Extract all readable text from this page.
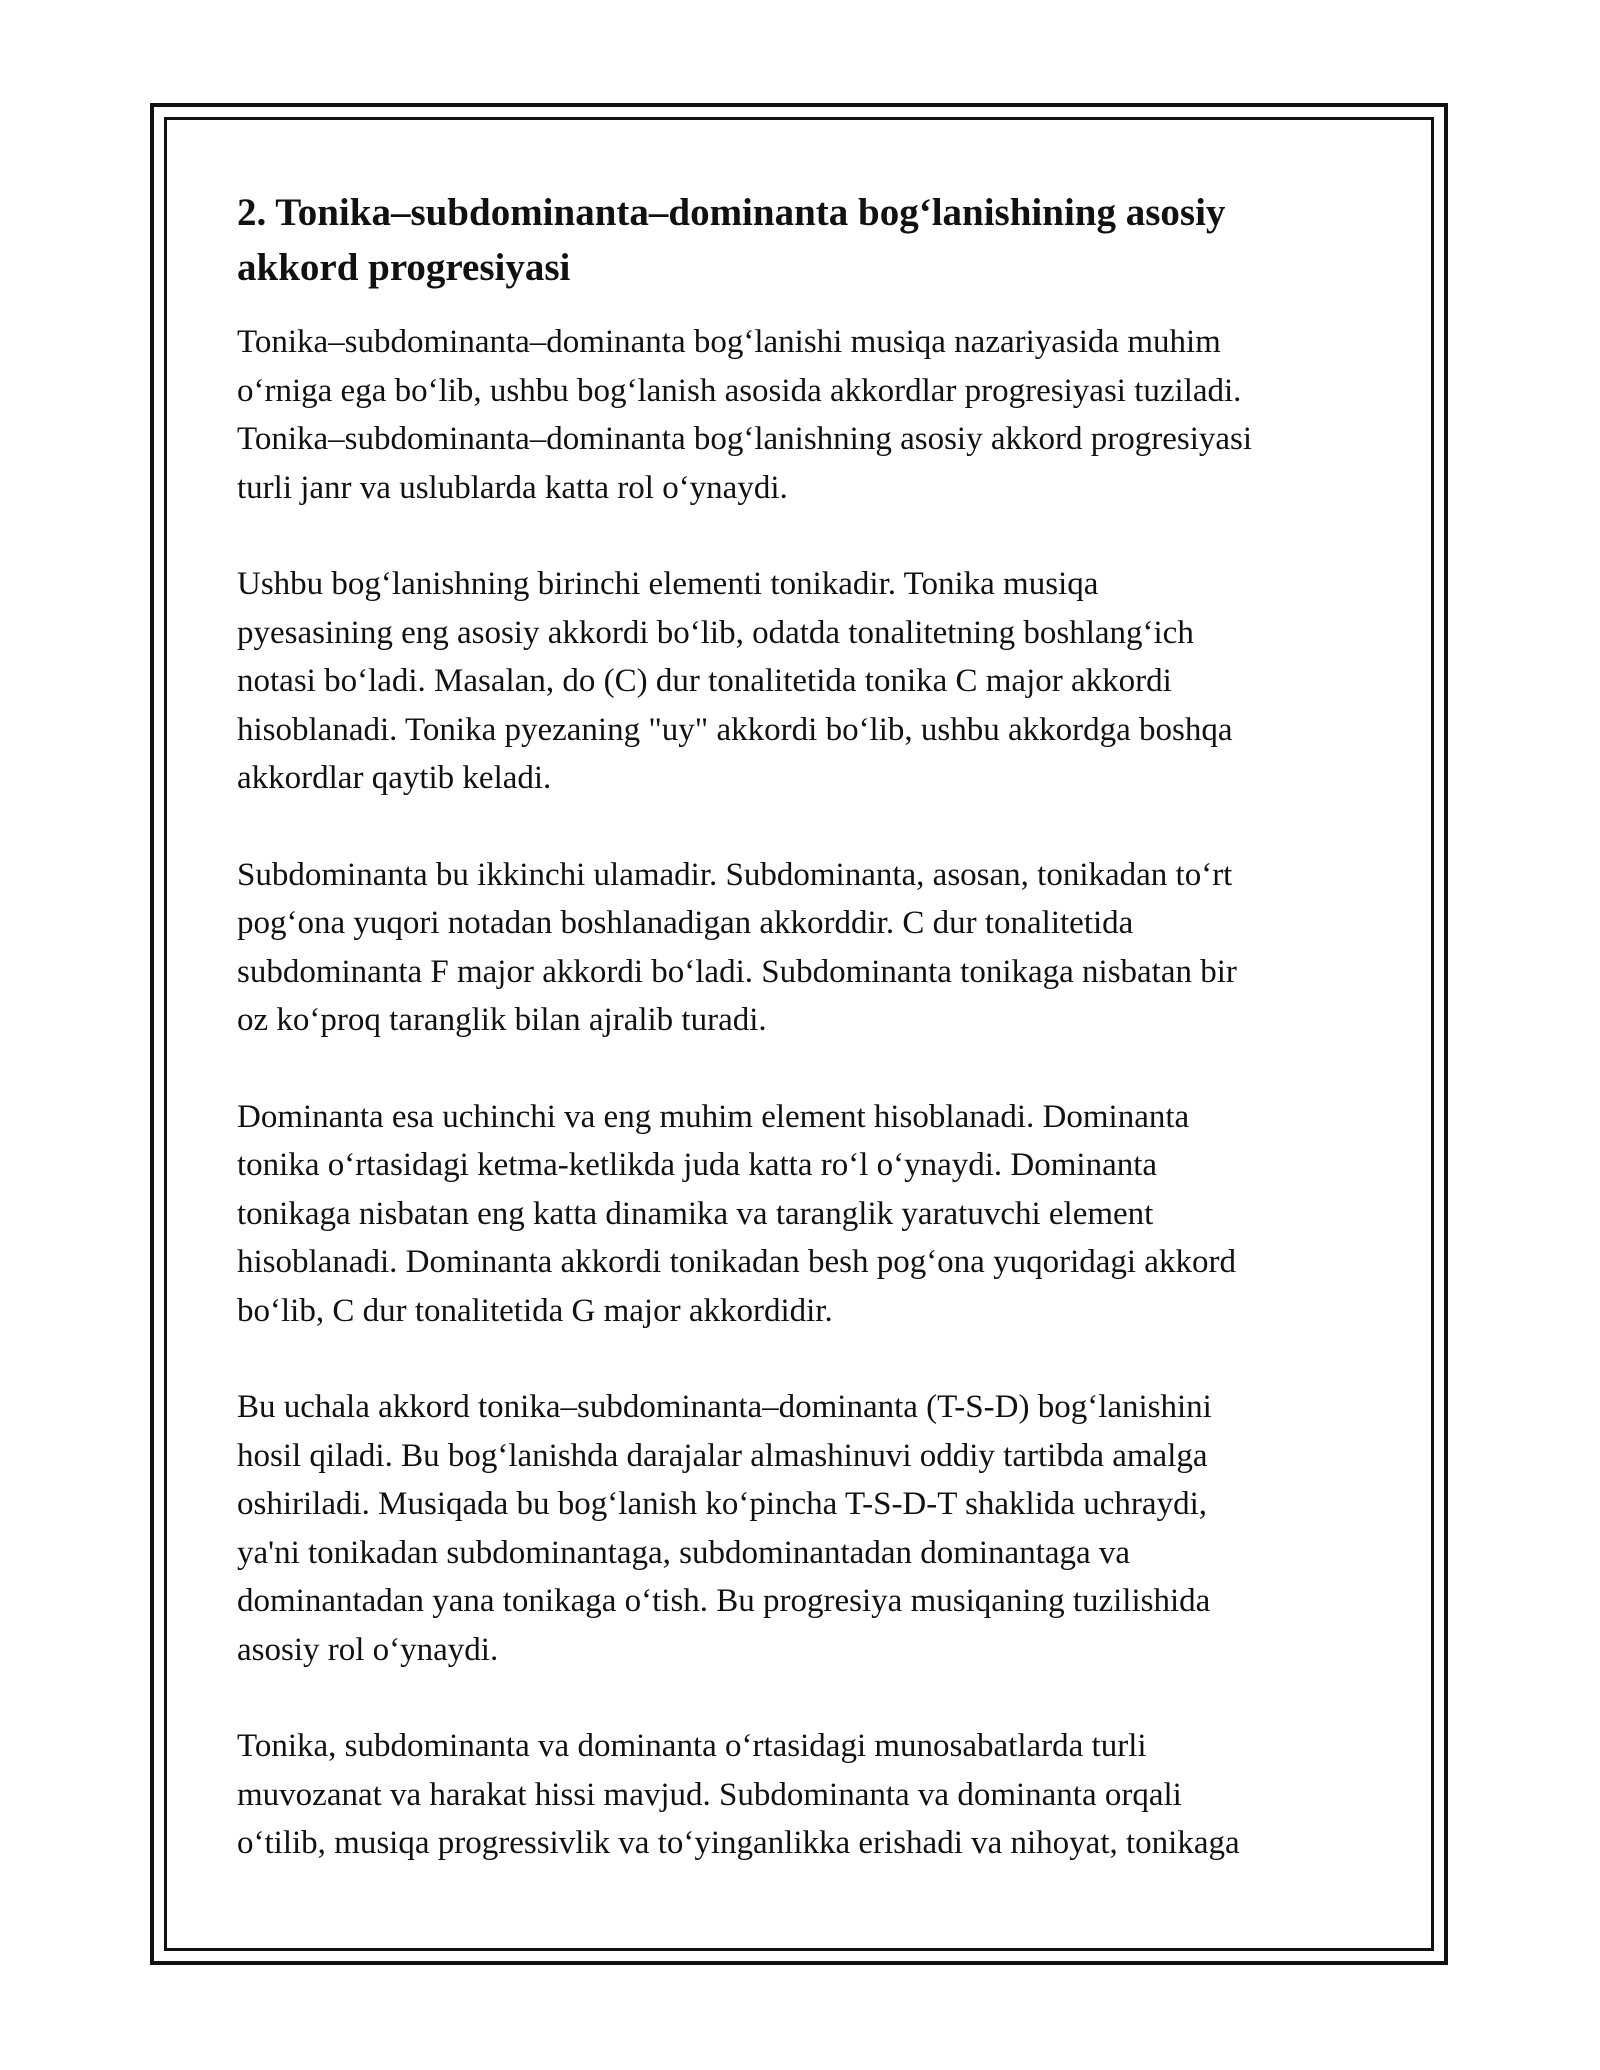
2. Tonika–subdominanta–dominanta bog‘lanishining asosiy
akkord progresiyasi

Tonika–subdominanta–dominanta bog‘lanishi musiqa nazariyasida muhim
o‘rniga ega bo‘lib, ushbu bog‘lanish asosida akkordlar progresiyasi tuziladi.
Tonika–subdominanta–dominanta bog‘lanishning asosiy akkord progresiyasi
turli janr va uslublarda katta rol o‘ynaydi.

Ushbu bog‘lanishning birinchi elementi tonikadir. Tonika musiqa
pyesasining eng asosiy akkordi bo‘lib, odatda tonalitetning boshlang‘ich
notasi bo‘ladi. Masalan, do (C) dur tonalitetida tonika C major akkordi
hisoblanadi. Tonika pyezaning "uy" akkordi bo‘lib, ushbu akkordga boshqa
akkordlar qaytib keladi.

Subdominanta bu ikkinchi ulamadir. Subdominanta, asosan, tonikadan to‘rt
pog‘ona yuqori notadan boshlanadigan akkorddir. C dur tonalitetida
subdominanta F major akkordi bo‘ladi. Subdominanta tonikaga nisbatan bir
oz ko‘proq taranglik bilan ajralib turadi.

Dominanta esa uchinchi va eng muhim element hisoblanadi. Dominanta
tonika o‘rtasidagi ketma-ketlikda juda katta ro‘l o‘ynaydi. Dominanta
tonikaga nisbatan eng katta dinamika va taranglik yaratuvchi element
hisoblanadi. Dominanta akkordi tonikadan besh pog‘ona yuqoridagi akkord
bo‘lib, C dur tonalitetida G major akkordidir.

Bu uchala akkord tonika–subdominanta–dominanta (T-S-D) bog‘lanishini
hosil qiladi. Bu bog‘lanishda darajalar almashinuvi oddiy tartibda amalga
oshiriladi. Musiqada bu bog‘lanish ko‘pincha T-S-D-T shaklida uchraydi,
ya'ni tonikadan subdominantaga, subdominantadan dominantaga va
dominantadan yana tonikaga o‘tish. Bu progresiya musiqaning tuzilishida
asosiy rol o‘ynaydi.

Tonika, subdominanta va dominanta o‘rtasidagi munosabatlarda turli
muvozanat va harakat hissi mavjud. Subdominanta va dominanta orqali
o‘tilib, musiqa progressivlik va to‘yinganlikka erishadi va nihoyat, tonikaga
